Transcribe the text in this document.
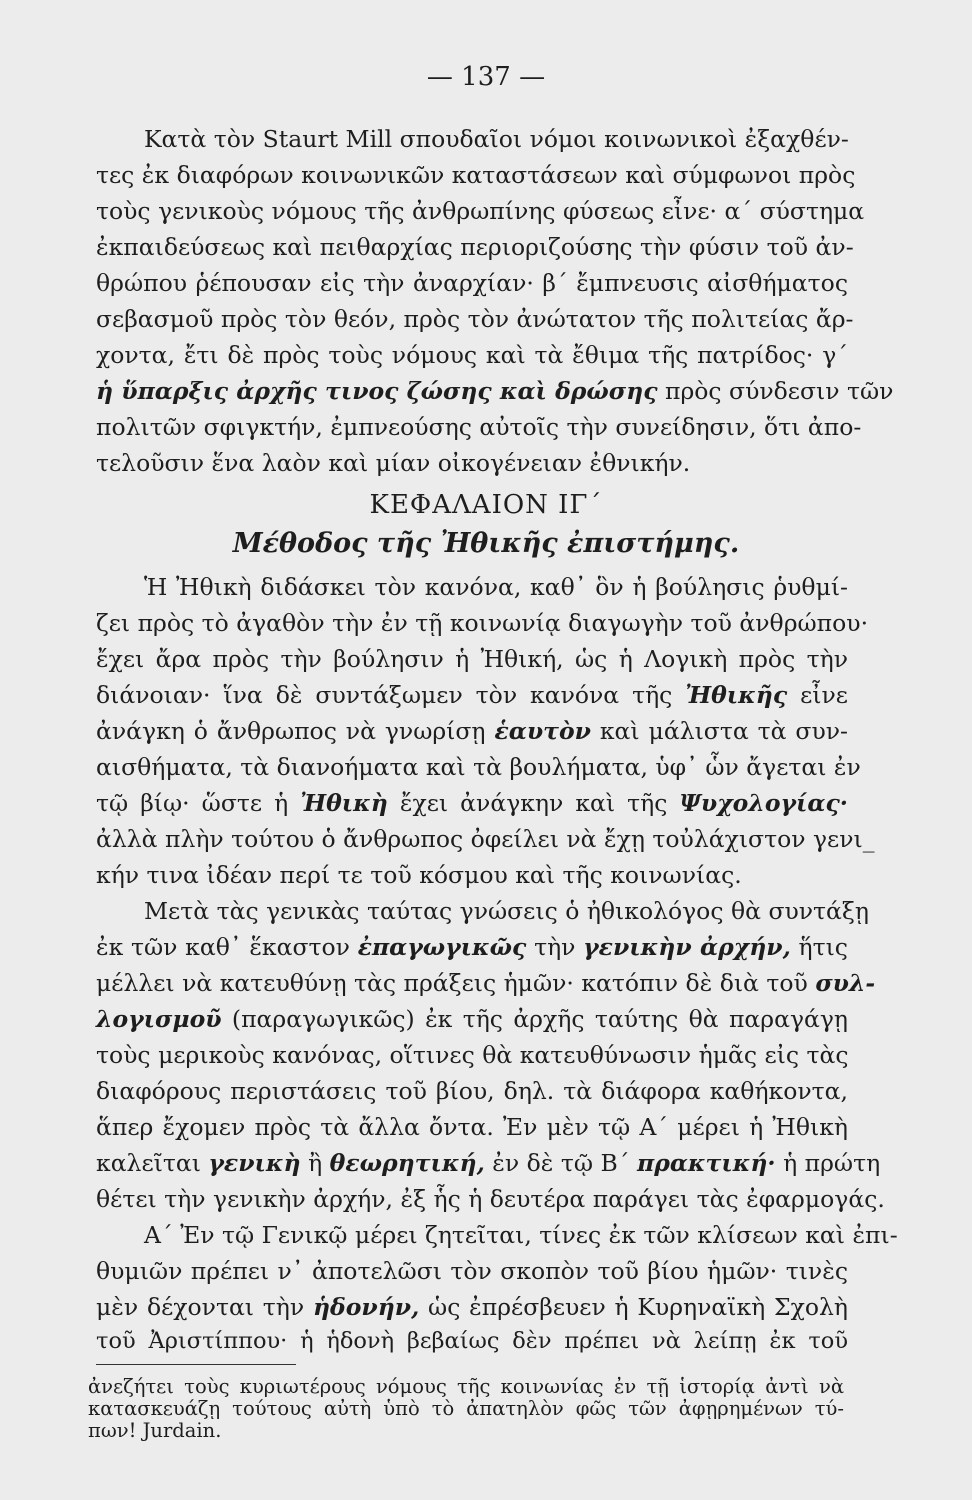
— 137 —
Κατὰ τὸν Staurt Mill σπουδαῖοι νόμοι κοινωνικοὶ ἐξαχθέν-
τες ἐκ διαφόρων κοινωνικῶν καταστάσεων καὶ σύμφωνοι πρὸς
τοὺς γενικοὺς νόμους τῆς ἀνθρωπίνης φύσεως εἶνε· α΄ σύστημα
ἐκπαιδεύσεως καὶ πειθαρχίας περιοριζούσης τὴν φύσιν τοῦ ἀν-
θρώπου ῥέπουσαν εἰς τὴν ἀναρχίαν· β΄ ἔμπνευσις αἰσθήματος
σεβασμοῦ πρὸς τὸν θεόν, πρὸς τὸν ἀνώτατον τῆς πολιτείας ἄρ-
χοντα, ἔτι δὲ πρὸς τοὺς νόμους καὶ τὰ ἔθιμα τῆς πατρίδος· γ΄
ἡ ὕπαρξις ἀρχῆς τινος ζώσης καὶ δρώσης πρὸς σύνδεσιν τῶν
πολιτῶν σφιγκτήν, ἐμπνεούσης αὐτοῖς τὴν συνείδησιν, ὅτι ἀπο-
τελοῦσιν ἕνα λαὸν καὶ μίαν οἰκογένειαν ἐθνικήν.
ΚΕΦΑΛΑΙΟΝ ΙΓ΄
Μέθοδος τῆς Ἠθικῆς ἐπιστήμης.
Ἡ Ἠθικὴ διδάσκει τὸν κανόνα, καθ᾽ ὃν ἡ βούλησις ῥυθμί-
ζει πρὸς τὸ ἀγαθὸν τὴν ἐν τῇ κοινωνίᾳ διαγωγὴν τοῦ ἀνθρώπου·
ἔχει ἄρα πρὸς τὴν βούλησιν ἡ Ἠθική, ὡς ἡ Λογικὴ πρὸς τὴν
διάνοιαν· ἵνα δὲ συντάξωμεν τὸν κανόνα τῆς Ἠθικῆς εἶνε
ἀνάγκη ὁ ἄνθρωπος νὰ γνωρίσῃ ἑαυτὸν καὶ μάλιστα τὰ συν-
αισθήματα, τὰ διανοήματα καὶ τὰ βουλήματα, ὑφ᾽ ὧν ἄγεται ἐν
τῷ βίῳ· ὥστε ἡ Ἠθικὴ ἔχει ἀνάγκην καὶ τῆς Ψυχολογίας·
ἀλλὰ πλὴν τούτου ὁ ἄνθρωπος ὀφείλει νὰ ἔχῃ τοὐλάχιστον γενι_
κήν τινα ἰδέαν περί τε τοῦ κόσμου καὶ τῆς κοινωνίας.
Μετὰ τὰς γενικὰς ταύτας γνώσεις ὁ ἠθικολόγος θὰ συντάξῃ
ἐκ τῶν καθ᾽ ἕκαστον ἐπαγωγικῶς τὴν γενικὴν ἀρχήν, ἥτις
μέλλει νὰ κατευθύνῃ τὰς πράξεις ἡμῶν· κατόπιν δὲ διὰ τοῦ συλ-
λογισμοῦ (παραγωγικῶς) ἐκ τῆς ἀρχῆς ταύτης θὰ παραγάγῃ
τοὺς μερικοὺς κανόνας, οἵτινες θὰ κατευθύνωσιν ἡμᾶς εἰς τὰς
διαφόρους περιστάσεις τοῦ βίου, δηλ. τὰ διάφορα καθήκοντα,
ἅπερ ἔχομεν πρὸς τὰ ἄλλα ὄντα. Ἐν μὲν τῷ Α΄ μέρει ἡ Ἠθικὴ
καλεῖται γενικὴ ἢ θεωρητική, ἐν δὲ τῷ Β΄ πρακτική· ἡ πρώτη
θέτει τὴν γενικὴν ἀρχήν, ἐξ ἧς ἡ δευτέρα παράγει τὰς ἐφαρμογάς.
Α΄ Ἐν τῷ Γενικῷ μέρει ζητεῖται, τίνες ἐκ τῶν κλίσεων καὶ ἐπι-
θυμιῶν πρέπει ν᾽ ἀποτελῶσι τὸν σκοπὸν τοῦ βίου ἡμῶν· τινὲς
μὲν δέχονται τὴν ἡδονήν, ὡς ἐπρέσβευεν ἡ Κυρηναϊκὴ Σχολὴ
τοῦ Ἀριστίππου· ἡ ἡδονὴ βεβαίως δὲν πρέπει νὰ λείπῃ ἐκ τοῦ
ἀνεζήτει τοὺς κυριωτέρους νόμους τῆς κοινωνίας ἐν τῇ ἱστορίᾳ ἀντὶ νὰ
κατασκευάζῃ τούτους αὐτὴ ὑπὸ τὸ ἀπατηλὸν φῶς τῶν ἀφῃρημένων τύ-
πων! Jurdain.
